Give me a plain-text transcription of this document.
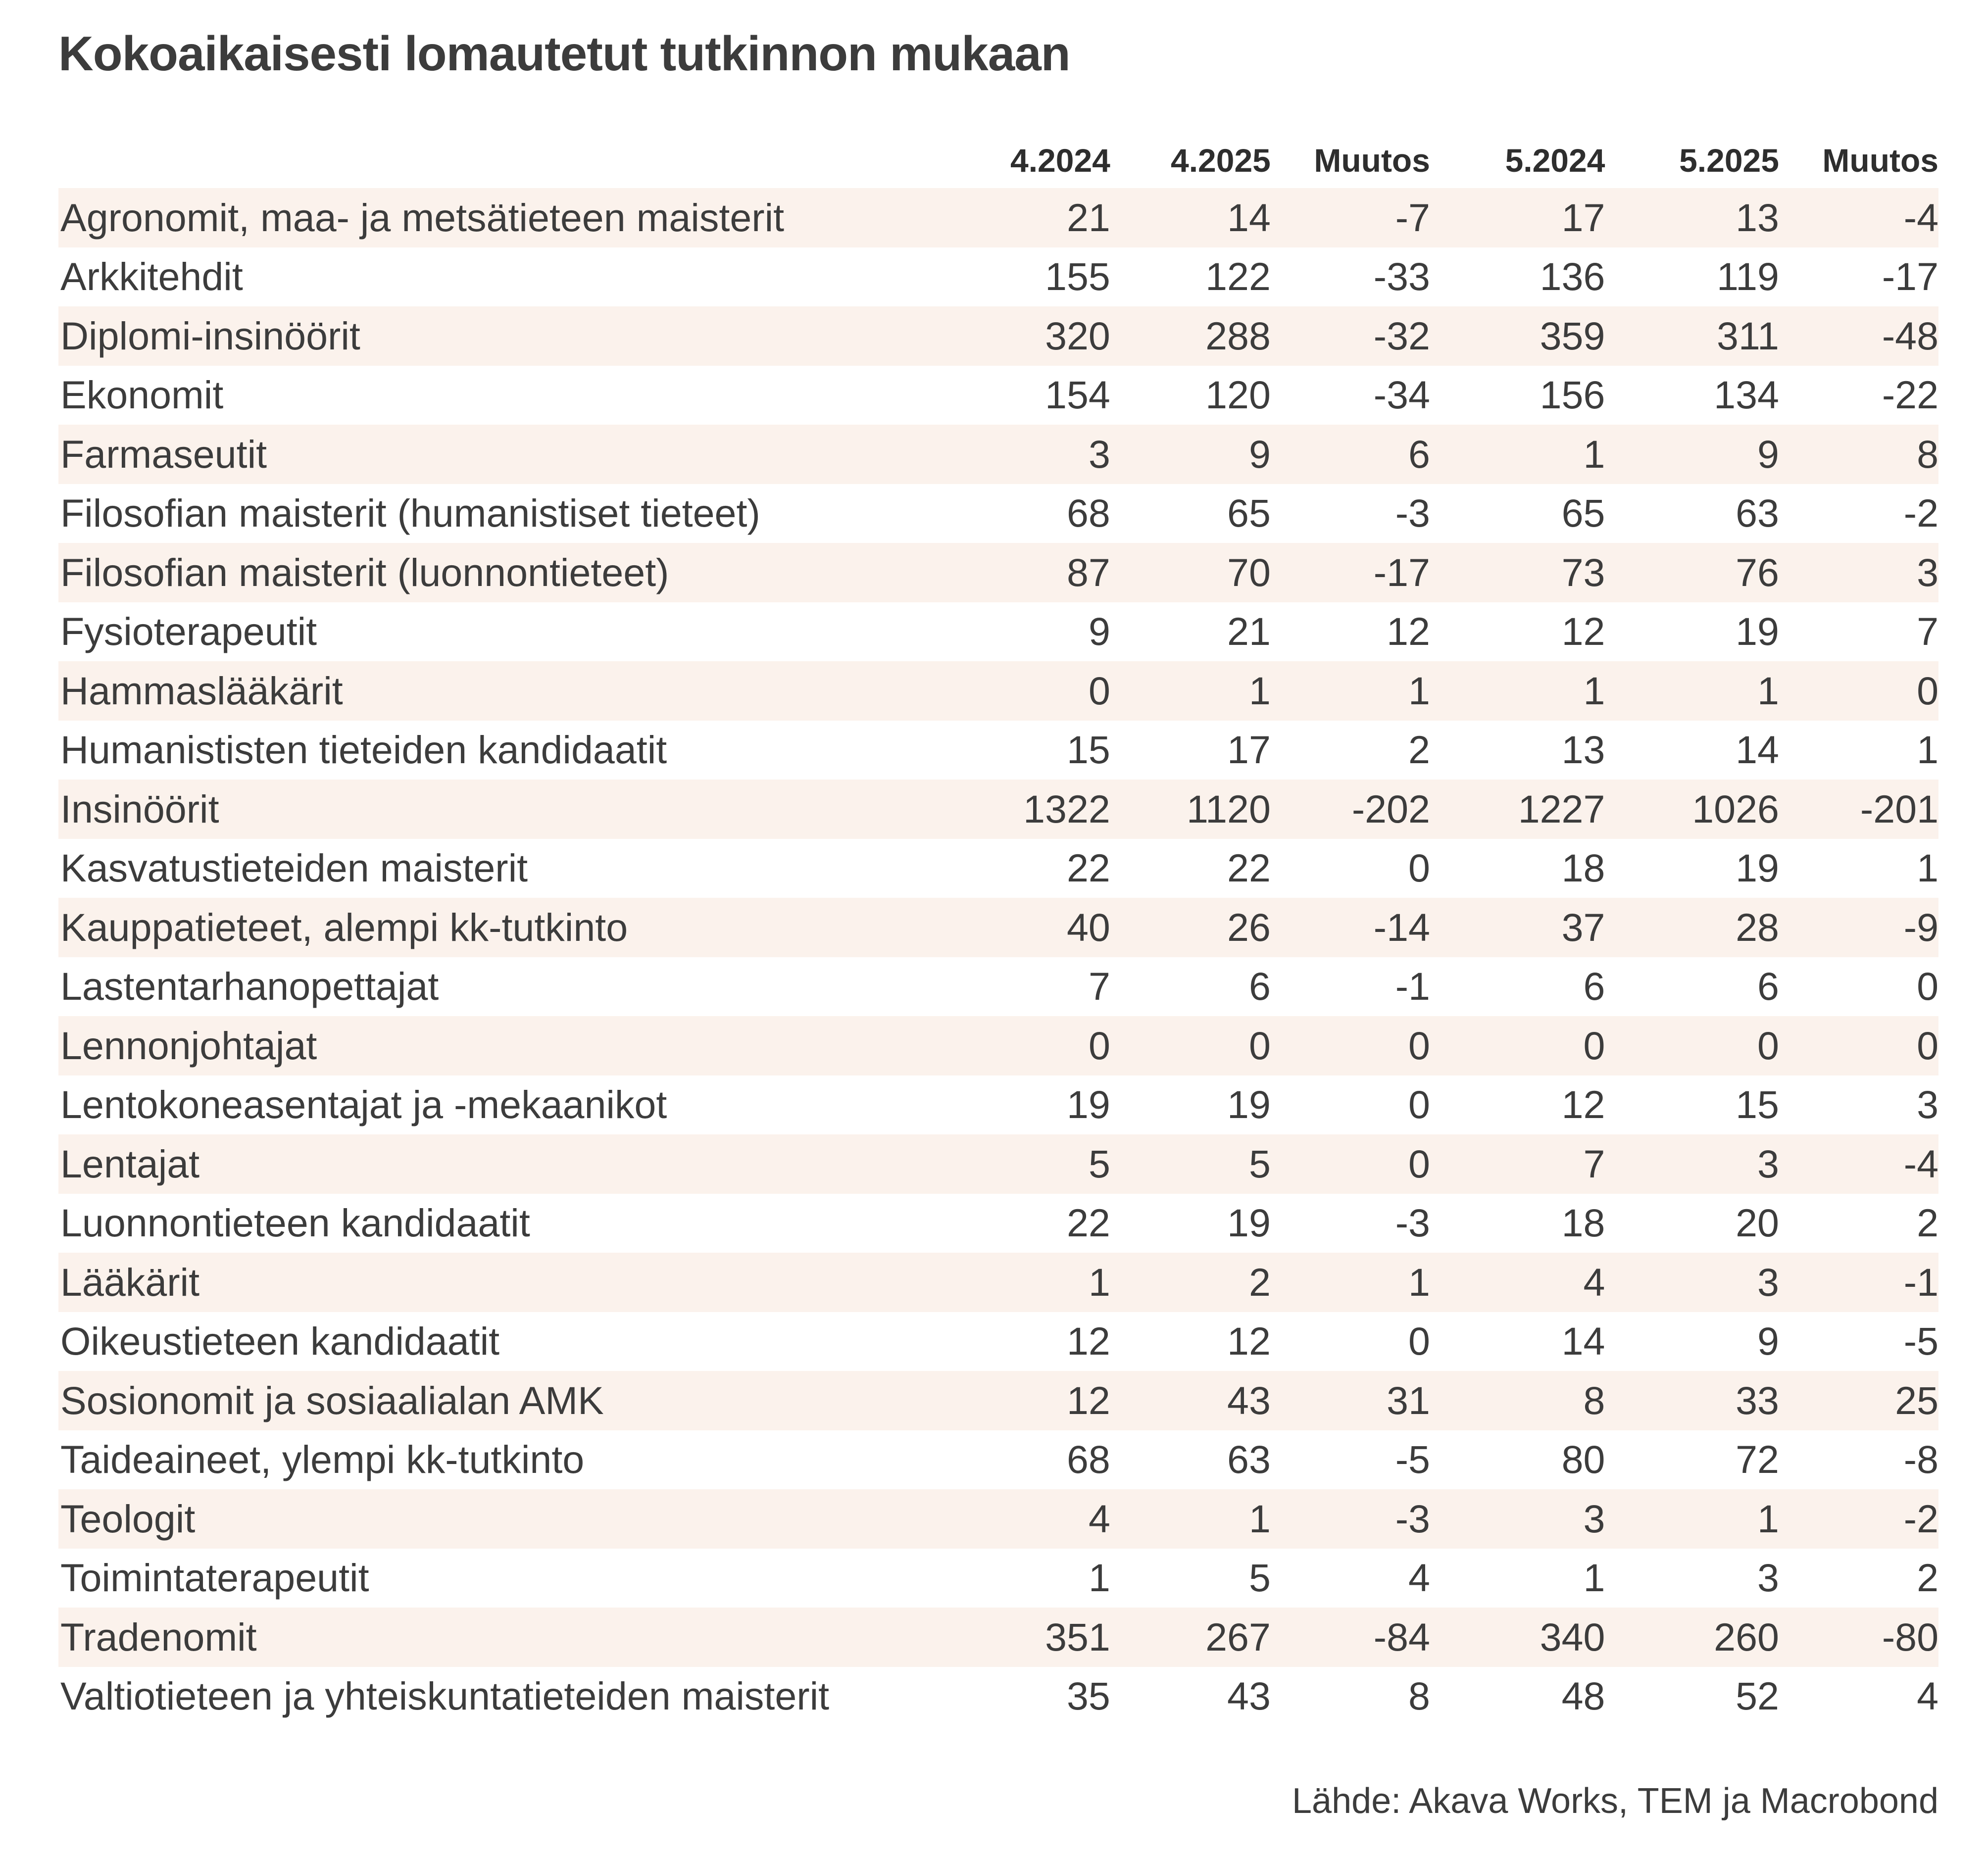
Kokoaikaisesti lomautetut tutkinnon mukaan
4.2024	4.2025	Muutos	5.2024	5.2025	Muutos
Agronomit, maa- ja metsätieteen maisterit	21	14	-7	17	13	-4
Arkkitehdit	155	122	-33	136	119	-17
Diplomi-insinöörit	320	288	-32	359	311	-48
Ekonomit	154	120	-34	156	134	-22
Farmaseutit	3	9	6	1	9	8
Filosofian maisterit (humanistiset tieteet)	68	65	-3	65	63	-2
Filosofian maisterit (luonnontieteet)	87	70	-17	73	76	3
Fysioterapeutit	9	21	12	12	19	7
Hammaslääkärit	0	1	1	1	1	0
Humanististen tieteiden kandidaatit	15	17	2	13	14	1
Insinöörit	1322	1120	-202	1227	1026	-201
Kasvatustieteiden maisterit	22	22	0	18	19	1
Kauppatieteet, alempi kk-tutkinto	40	26	-14	37	28	-9
Lastentarhanopettajat	7	6	-1	6	6	0
Lennonjohtajat	0	0	0	0	0	0
Lentokoneasentajat ja -mekaanikot	19	19	0	12	15	3
Lentajat	5	5	0	7	3	-4
Luonnontieteen kandidaatit	22	19	-3	18	20	2
Lääkärit	1	2	1	4	3	-1
Oikeustieteen kandidaatit	12	12	0	14	9	-5
Sosionomit ja sosiaalialan AMK	12	43	31	8	33	25
Taideaineet, ylempi kk-tutkinto	68	63	-5	80	72	-8
Teologit	4	1	-3	3	1	-2
Toimintaterapeutit	1	5	4	1	3	2
Tradenomit	351	267	-84	340	260	-80
Valtiotieteen ja yhteiskuntatieteiden maisterit	35	43	8	48	52	4
Lähde: Akava Works, TEM ja Macrobond
